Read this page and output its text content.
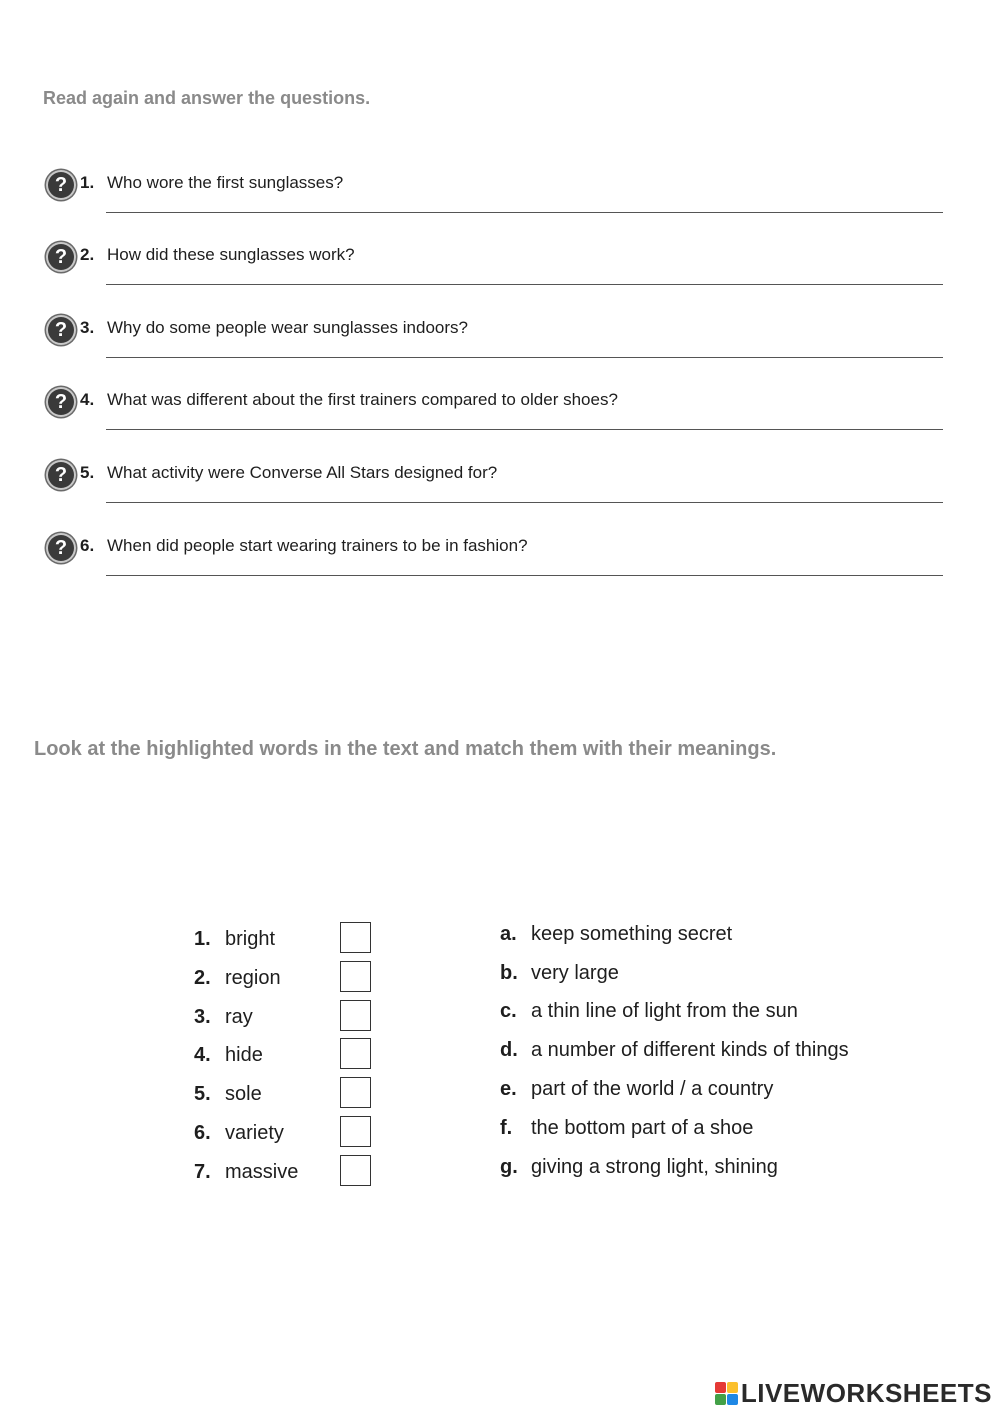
Read again and answer the questions.

? 1. Who wore the first sunglasses?
? 2. How did these sunglasses work?
? 3. Why do some people wear sunglasses indoors?
? 4. What was different about the first trainers compared to older shoes?
? 5. What activity were Converse All Stars designed for?
? 6. When did people start wearing trainers to be in fashion?

Look at the highlighted words in the text and match them with their meanings.

1. bright
2. region
3. ray
4. hide
5. sole
6. variety
7. massive
a. keep something secret
b. very large
c. a thin line of light from the sun
d. a number of different kinds of things
e. part of the world / a country
f. the bottom part of a shoe
g. giving a strong light, shining
LIVEWORKSHEETS
